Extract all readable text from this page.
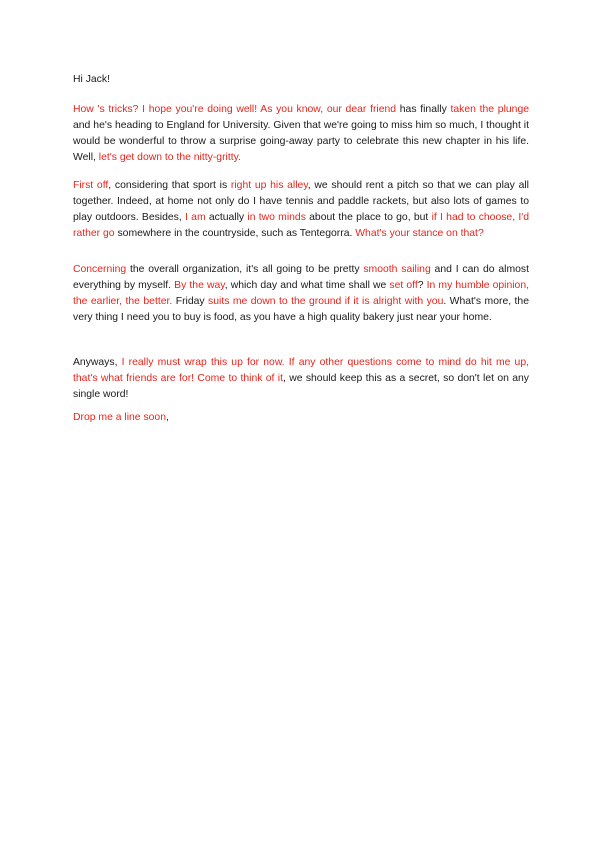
Hi Jack!

How 's tricks? I hope you're doing well! As you know, our dear friend has finally taken the plunge and he's heading to England for University. Given that we're going to miss him so much, I thought it would be wonderful to throw a surprise going-away party to celebrate this new chapter in his life. Well, let's get down to the nitty-gritty.

First off, considering that sport is right up his alley, we should rent a pitch so that we can play all together. Indeed, at home not only do I have tennis and paddle rackets, but also lots of games to play outdoors. Besides, I am actually in two minds about the place to go, but if I had to choose, I'd rather go somewhere in the countryside, such as Tentegorra. What's your stance on that?

Concerning the overall organization, it's all going to be pretty smooth sailing and I can do almost everything by myself. By the way, which day and what time shall we set off? In my humble opinion, the earlier, the better. Friday suits me down to the ground if it is alright with you. What's more, the very thing I need you to buy is food, as you have a high quality bakery just near your home.

Anyways, I really must wrap this up for now. If any other questions come to mind do hit me up, that's what friends are for! Come to think of it, we should keep this as a secret, so don't let on any single word!

Drop me a line soon,
